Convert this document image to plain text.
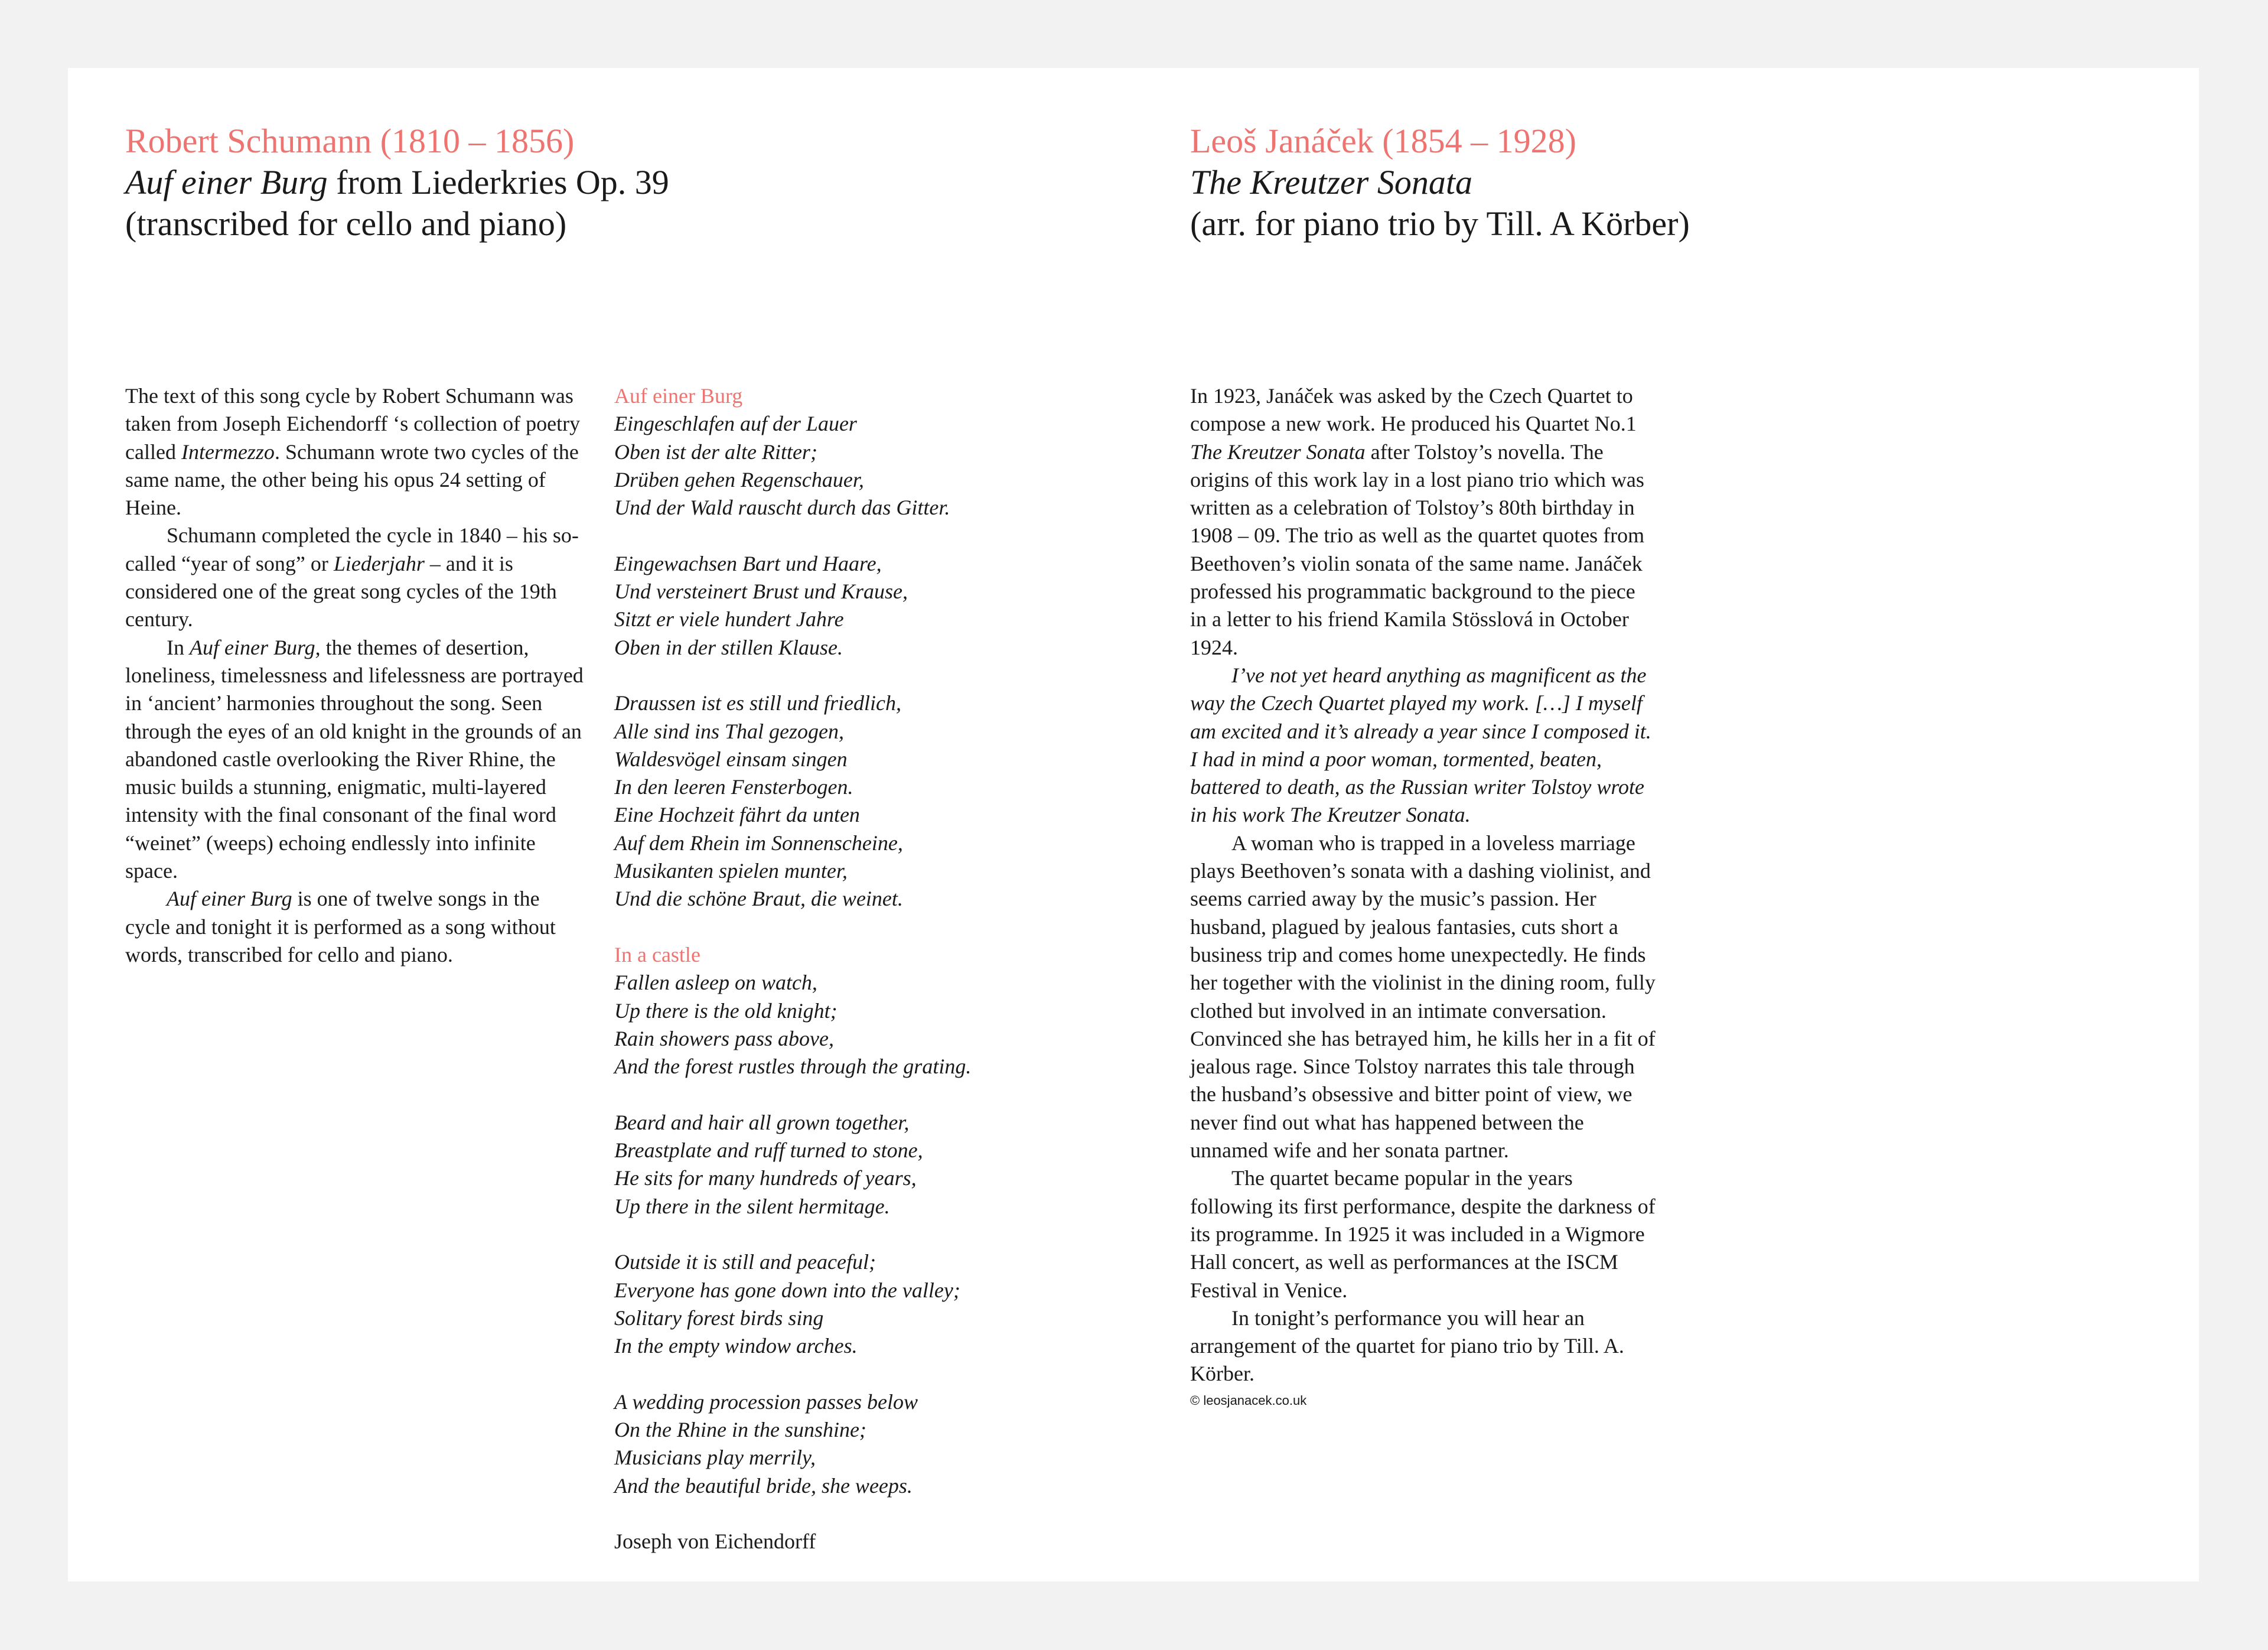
Robert Schumann (1810 – 1856)
Auf einer Burg from Liederkries Op. 39
(transcribed for cello and piano)
Leoš Janáček (1854 – 1928)
The Kreutzer Sonata
(arr. for piano trio by Till. A Körber)

The text of this song cycle by Robert Schumann was taken from Joseph Eichendorff ‘s collection of poetry called Intermezzo. Schumann wrote two cycles of the same name, the other being his opus 24 setting of Heine.

Schumann completed the cycle in 1840 – his so-called “year of song” or Liederjahr – and it is considered one of the great song cycles of the 19th century.

In Auf einer Burg, the themes of desertion, loneliness, timelessness and lifelessness are portrayed in ‘ancient’ harmonies throughout the song. Seen through the eyes of an old knight in the grounds of an abandoned castle overlooking the River Rhine, the music builds a stunning, enigmatic, multi-layered intensity with the final consonant of the final word “weinet” (weeps) echoing endlessly into infinite space.

Auf einer Burg is one of twelve songs in the cycle and tonight it is performed as a song without words, transcribed for cello and piano.

Auf einer Burg

Eingeschlafen auf der Lauer

Oben ist der alte Ritter;

Drüben gehen Regenschauer,

Und der Wald rauscht durch das Gitter.

Eingewachsen Bart und Haare,

Und versteinert Brust und Krause,

Sitzt er viele hundert Jahre

Oben in der stillen Klause.

Draussen ist es still und friedlich,

Alle sind ins Thal gezogen,

Waldesvögel einsam singen

In den leeren Fensterbogen.

Eine Hochzeit fährt da unten

Auf dem Rhein im Sonnenscheine,

Musikanten spielen munter,

Und die schöne Braut, die weinet.

In a castle

Fallen asleep on watch,

Up there is the old knight;

Rain showers pass above,

And the forest rustles through the grating.

Beard and hair all grown together,

Breastplate and ruff turned to stone,

He sits for many hundreds of years,

Up there in the silent hermitage.

Outside it is still and peaceful;

Everyone has gone down into the valley;

Solitary forest birds sing

In the empty window arches.

A wedding procession passes below

On the Rhine in the sunshine;

Musicians play merrily,

And the beautiful bride, she weeps.

Joseph von Eichendorff

In 1923, Janáček was asked by the Czech Quartet to compose a new work. He produced his Quartet No.1 The Kreutzer Sonata after Tolstoy’s novella. The origins of this work lay in a lost piano trio which was written as a celebration of Tolstoy’s 80th birthday in 1908 – 09. The trio as well as the quartet quotes from Beethoven’s violin sonata of the same name. Janáček professed his programmatic background to the piece in a letter to his friend Kamila Stösslová in October 1924.

I’ve not yet heard anything as magnificent as the way the Czech Quartet played my work. […] I myself am excited and it’s already a year since I composed it. I had in mind a poor woman, tormented, beaten, battered to death, as the Russian writer Tolstoy wrote in his work The Kreutzer Sonata.

A woman who is trapped in a loveless marriage plays Beethoven’s sonata with a dashing violinist, and seems carried away by the music’s passion. Her husband, plagued by jealous fantasies, cuts short a business trip and comes home unexpectedly. He finds her together with the violinist in the dining room, fully clothed but involved in an intimate conversation. Convinced she has betrayed him, he kills her in a fit of jealous rage. Since Tolstoy narrates this tale through the husband’s obsessive and bitter point of view, we never find out what has happened between the unnamed wife and her sonata partner.

The quartet became popular in the years following its first performance, despite the darkness of its programme. In 1925 it was included in a Wigmore Hall concert, as well as performances at the ISCM Festival in Venice.

In tonight’s performance you will hear an arrangement of the quartet for piano trio by Till. A. Körber.

© leosjanacek.co.uk
